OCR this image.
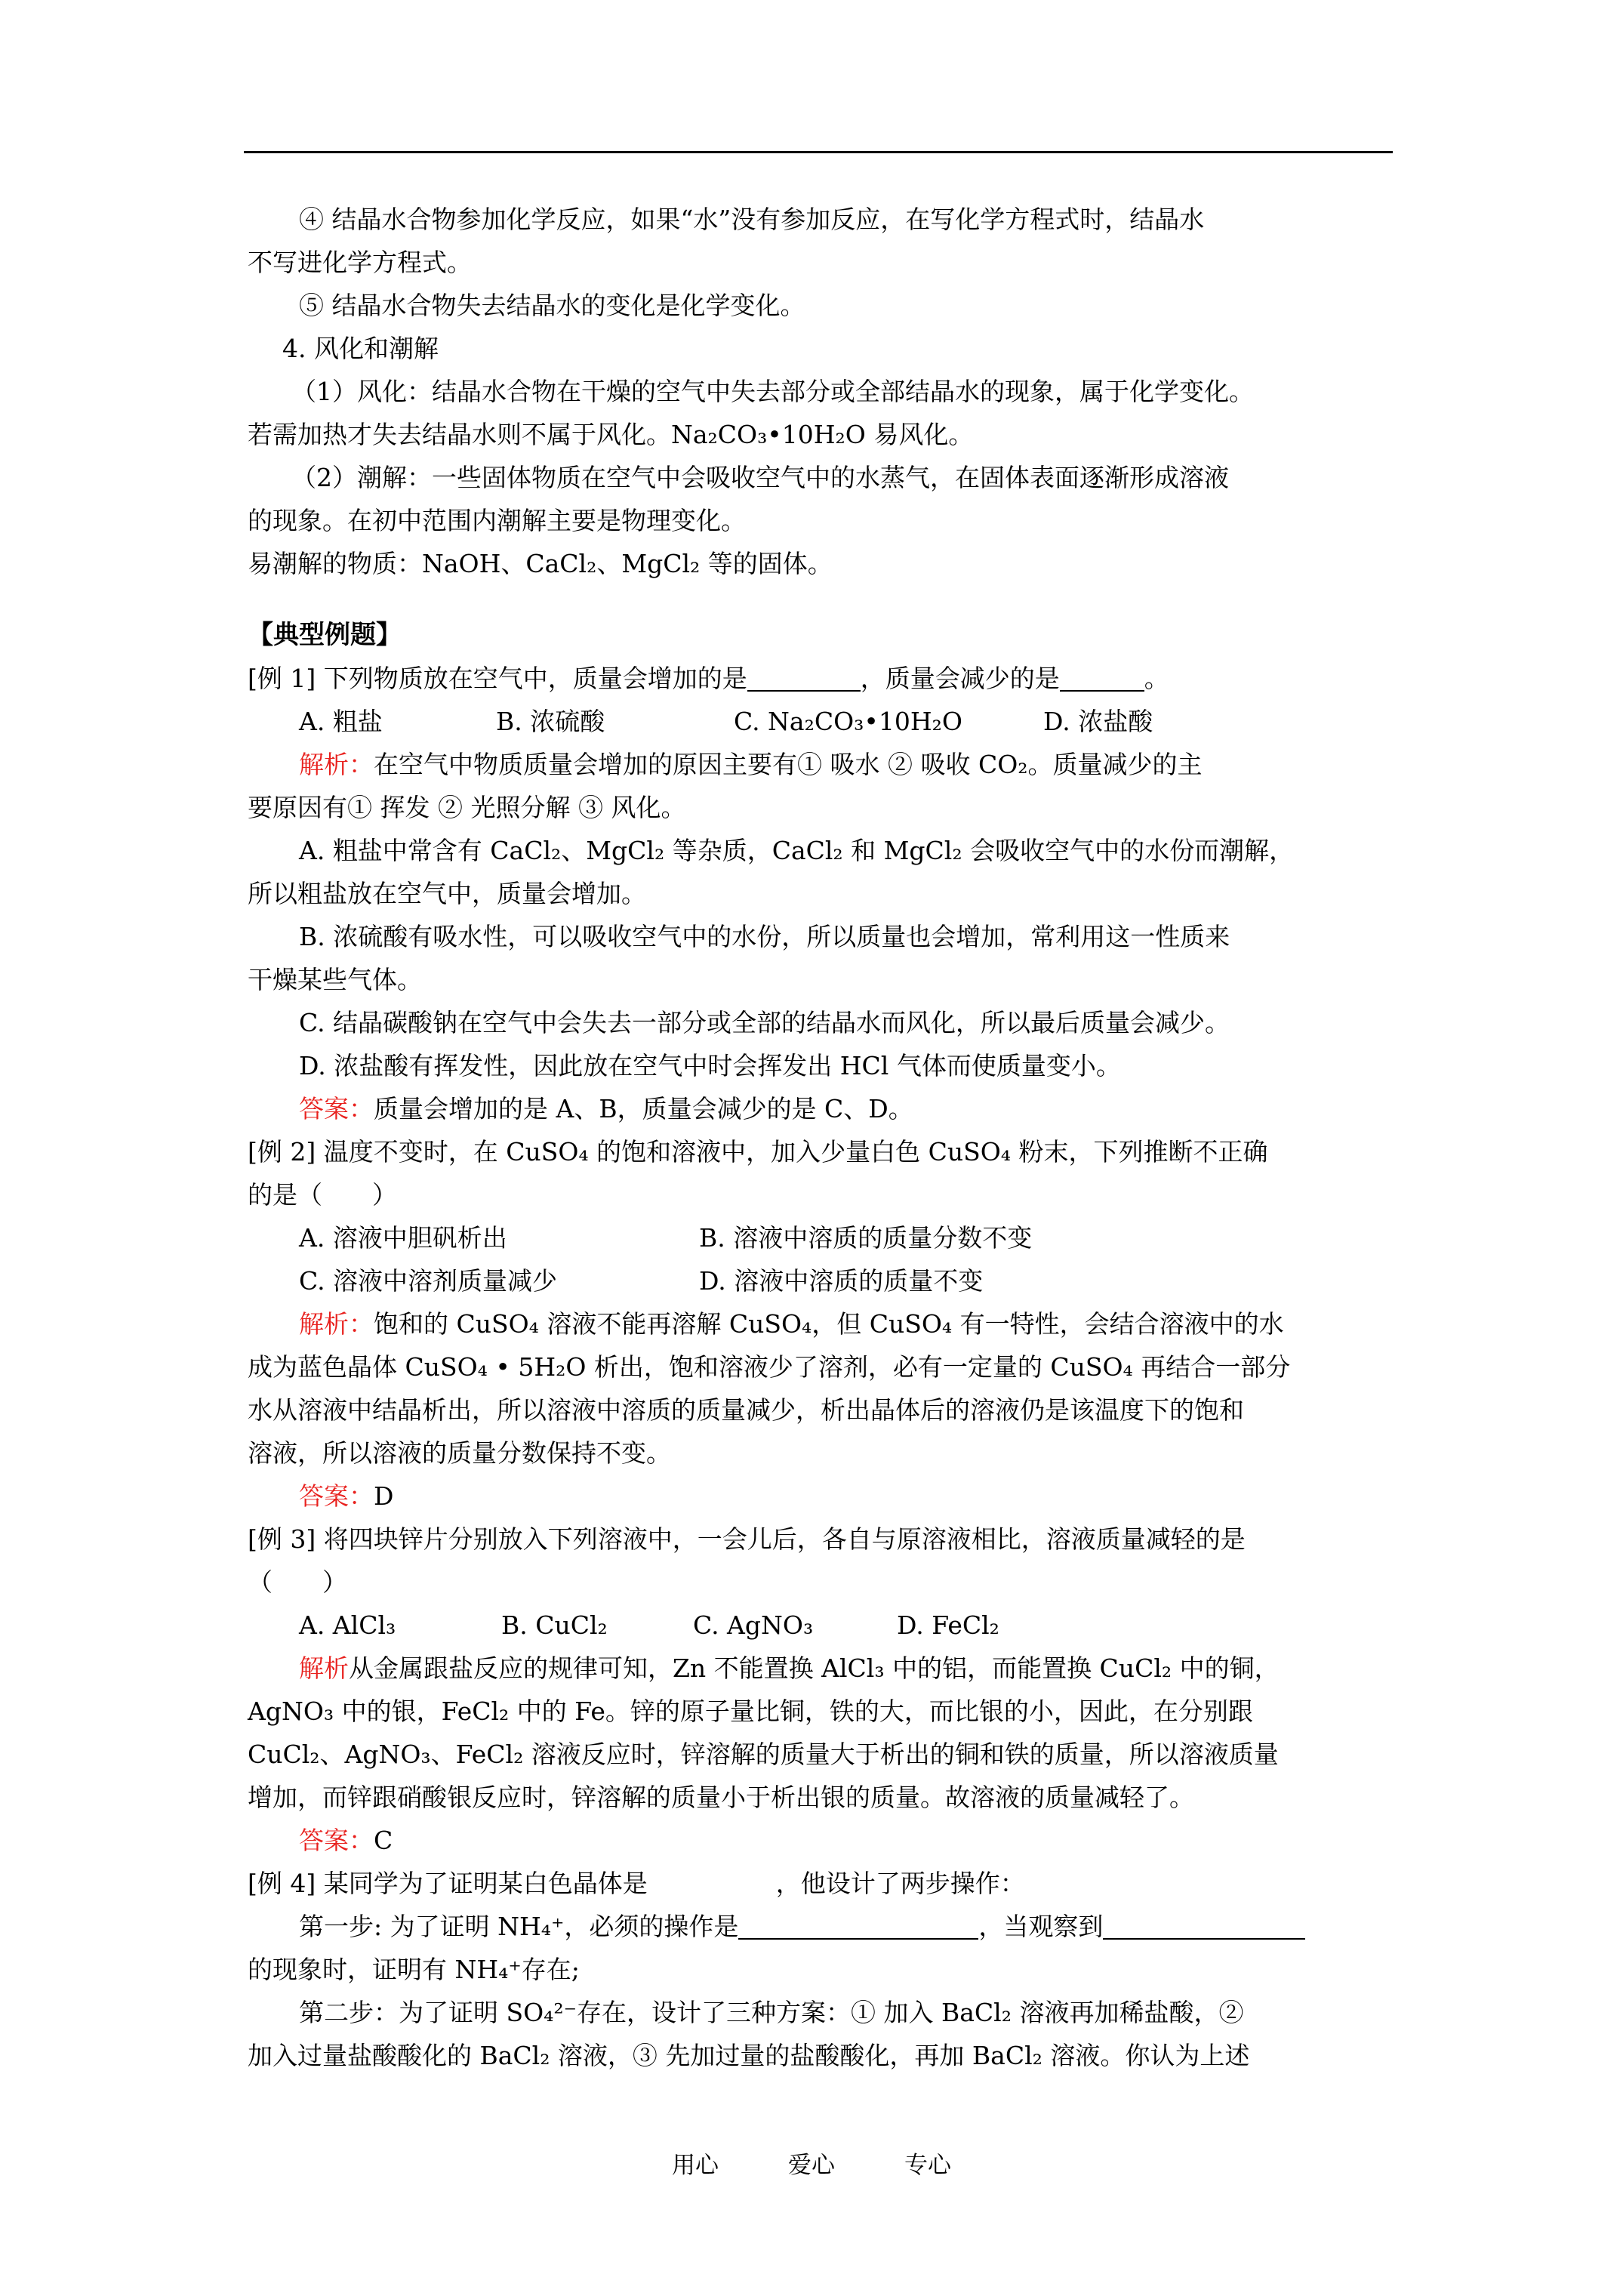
④ 结晶水合物参加化学反应，如果“水”没有参加反应，在写化学方程式时，结晶水

不写进化学方程式。

⑤ 结晶水合物失去结晶水的变化是化学变化。

4. 风化和潮解

（1）风化：结晶水合物在干燥的空气中失去部分或全部结晶水的现象，属于化学变化。

若需加热才失去结晶水则不属于风化。Na₂CO₃•10H₂O 易风化。

（2）潮解：一些固体物质在空气中会吸收空气中的水蒸气，在固体表面逐渐形成溶液

的现象。在初中范围内潮解主要是物理变化。

易潮解的物质：NaOH、CaCl₂、MgCl₂ 等的固体。

【典型例题】

[例 1] 下列物质放在空气中，质量会增加的是	，质量会减少的是	。

A. 粗盐	B. 浓硫酸	C. Na₂CO₃•10H₂O	D. 浓盐酸

解析：在空气中物质质量会增加的原因主要有① 吸水 ② 吸收 CO₂。质量减少的主

要原因有① 挥发 ② 光照分解 ③ 风化。

A. 粗盐中常含有 CaCl₂、MgCl₂ 等杂质，CaCl₂ 和 MgCl₂ 会吸收空气中的水份而潮解，

所以粗盐放在空气中，质量会增加。

B. 浓硫酸有吸水性，可以吸收空气中的水份，所以质量也会增加，常利用这一性质来

干燥某些气体。

C. 结晶碳酸钠在空气中会失去一部分或全部的结晶水而风化，所以最后质量会减少。

D. 浓盐酸有挥发性，因此放在空气中时会挥发出 HCl 气体而使质量变小。

答案：质量会增加的是 A、B，质量会减少的是 C、D。

[例 2] 温度不变时，在 CuSO₄ 的饱和溶液中，加入少量白色 CuSO₄ 粉末，下列推断不正确

的是（　　）

A. 溶液中胆矾析出	B. 溶液中溶质的质量分数不变

C. 溶液中溶剂质量减少	D. 溶液中溶质的质量不变

解析：饱和的 CuSO₄ 溶液不能再溶解 CuSO₄，但 CuSO₄ 有一特性，会结合溶液中的水

成为蓝色晶体 CuSO₄ • 5H₂O 析出，饱和溶液少了溶剂，必有一定量的 CuSO₄ 再结合一部分

水从溶液中结晶析出，所以溶液中溶质的质量减少，析出晶体后的溶液仍是该温度下的饱和

溶液，所以溶液的质量分数保持不变。

答案：D

[例 3] 将四块锌片分别放入下列溶液中，一会儿后，各自与原溶液相比，溶液质量减轻的是

（　　）

A. AlCl₃	B. CuCl₂	C. AgNO₃	D. FeCl₂

解析从金属跟盐反应的规律可知，Zn 不能置换 AlCl₃ 中的铝，而能置换 CuCl₂ 中的铜，

AgNO₃ 中的银，FeCl₂ 中的 Fe。锌的原子量比铜，铁的大，而比银的小，因此，在分别跟

CuCl₂、AgNO₃、FeCl₂ 溶液反应时，锌溶解的质量大于析出的铜和铁的质量，所以溶液质量

增加，而锌跟硝酸银反应时，锌溶解的质量小于析出银的质量。故溶液的质量减轻了。

答案：C

[例 4] 某同学为了证明某白色晶体是	，他设计了两步操作：

第一步: 为了证明 NH₄⁺，必须的操作是	，当观察到

的现象时，证明有 NH₄⁺存在;

第二步：为了证明 SO₄²⁻存在，设计了三种方案：① 加入 BaCl₂ 溶液再加稀盐酸，②

加入过量盐酸酸化的 BaCl₂ 溶液，③ 先加过量的盐酸酸化，再加 BaCl₂ 溶液。你认为上述

用心	爱心	专心
